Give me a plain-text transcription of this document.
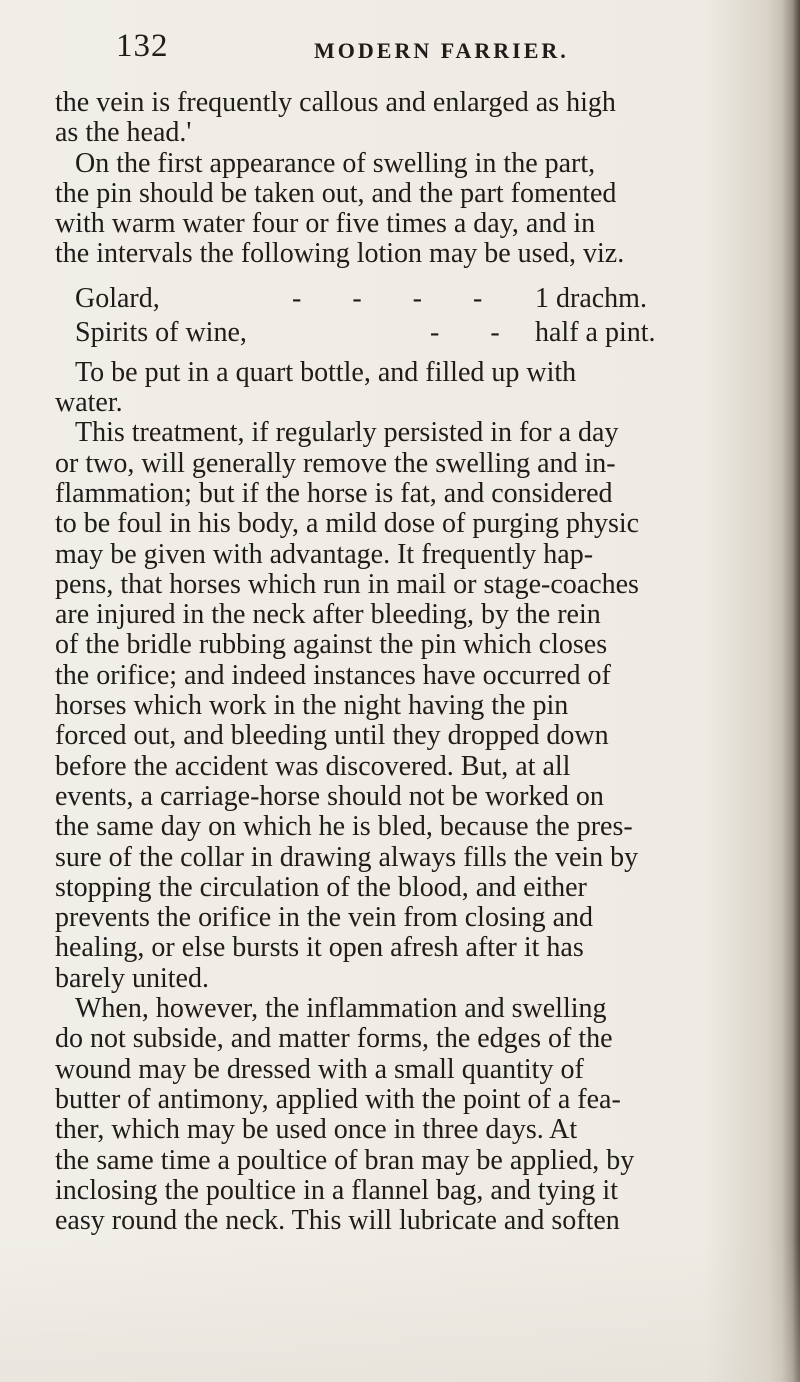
132	MODERN FARRIER.
the vein is frequently callous and enlarged as high
as the head.'
On the first appearance of swelling in the part,
the pin should be taken out, and the part fomented
with warm water four or five times a day, and in
the intervals the following lotion may be used, viz.
Golard,	- - - - 1 drachm.
Spirits of wine,	- - half a pint.
To be put in a quart bottle, and filled up with
water.
This treatment, if regularly persisted in for a day
or two, will generally remove the swelling and in-
flammation; but if the horse is fat, and considered
to be foul in his body, a mild dose of purging physic
may be given with advantage. It frequently hap-
pens, that horses which run in mail or stage-coaches
are injured in the neck after bleeding, by the rein
of the bridle rubbing against the pin which closes
the orifice; and indeed instances have occurred of
horses which work in the night having the pin
forced out, and bleeding until they dropped down
before the accident was discovered. But, at all
events, a carriage-horse should not be worked on
the same day on which he is bled, because the pres-
sure of the collar in drawing always fills the vein by
stopping the circulation of the blood, and either
prevents the orifice in the vein from closing and
healing, or else bursts it open afresh after it has
barely united.
When, however, the inflammation and swelling
do not subside, and matter forms, the edges of the
wound may be dressed with a small quantity of
butter of antimony, applied with the point of a fea-
ther, which may be used once in three days. At
the same time a poultice of bran may be applied, by
inclosing the poultice in a flannel bag, and tying it
easy round the neck. This will lubricate and soften
